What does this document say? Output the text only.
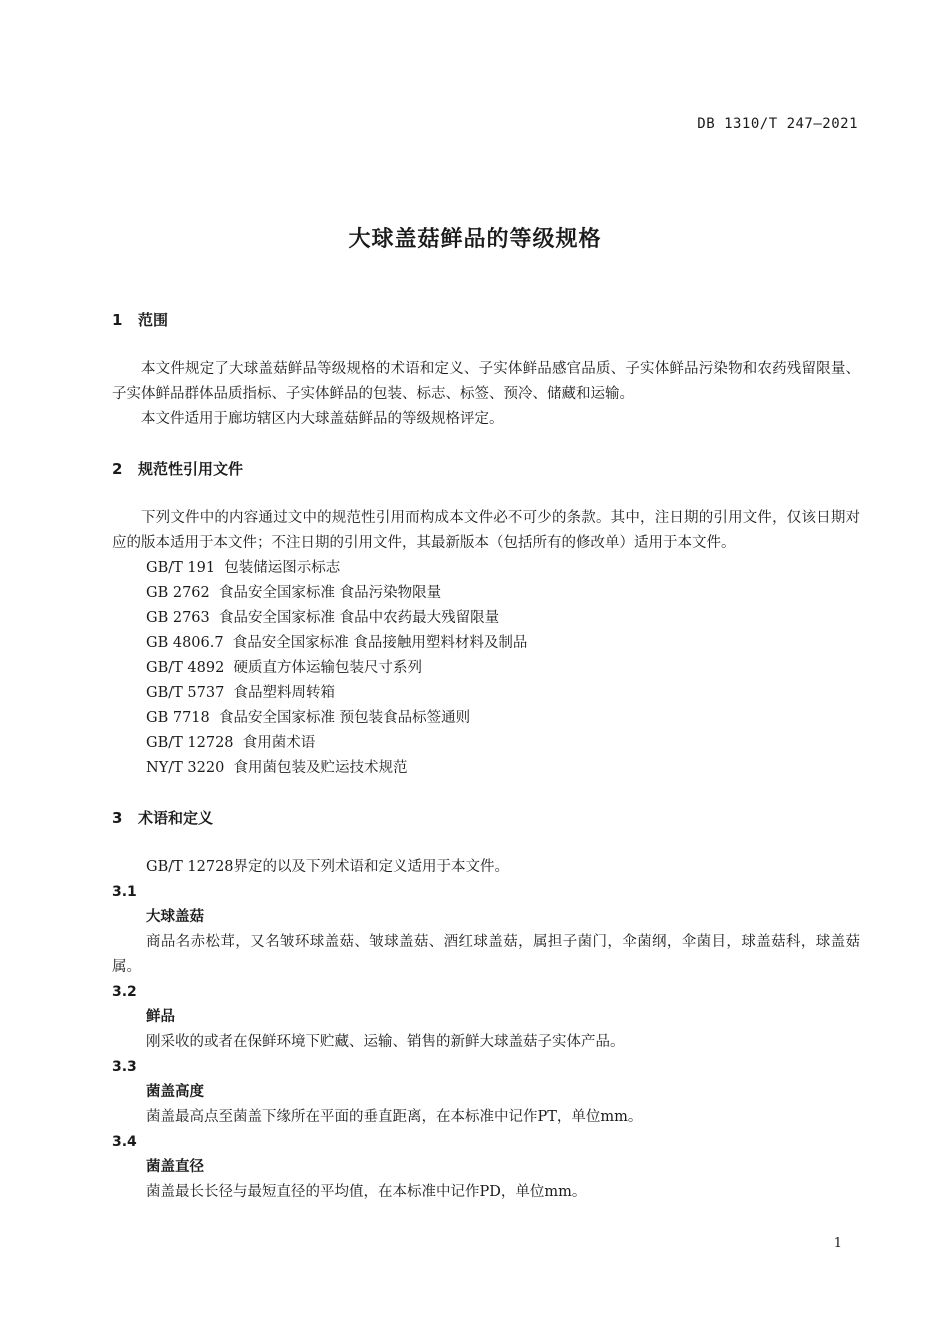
DB 1310/T 247—2021
大球盖菇鲜品的等级规格
1 范围

本文件规定了大球盖菇鲜品等级规格的术语和定义、子实体鲜品感官品质、子实体鲜品污染物和农药残留限量、子实体鲜品群体品质指标、子实体鲜品的包装、标志、标签、预冷、储藏和运输。

本文件适用于廊坊辖区内大球盖菇鲜品的等级规格评定。

2 规范性引用文件

下列文件中的内容通过文中的规范性引用而构成本文件必不可少的条款。其中，注日期的引用文件，仅该日期对应的版本适用于本文件；不注日期的引用文件，其最新版本（包括所有的修改单）适用于本文件。

GB/T 191  包装储运图示标志

GB 2762  食品安全国家标准 食品污染物限量

GB 2763  食品安全国家标准 食品中农药最大残留限量

GB 4806.7  食品安全国家标准 食品接触用塑料材料及制品

GB/T 4892  硬质直方体运输包装尺寸系列

GB/T 5737  食品塑料周转箱

GB 7718  食品安全国家标准 预包装食品标签通则

GB/T 12728  食用菌术语

NY/T 3220  食用菌包装及贮运技术规范

3 术语和定义

GB/T 12728界定的以及下列术语和定义适用于本文件。

3.1

大球盖菇

商品名赤松茸，又名皱环球盖菇、皱球盖菇、酒红球盖菇，属担子菌门，伞菌纲，伞菌目，球盖菇科，球盖菇属。

3.2

鲜品

刚采收的或者在保鲜环境下贮藏、运输、销售的新鲜大球盖菇子实体产品。

3.3

菌盖高度

菌盖最高点至菌盖下缘所在平面的垂直距离，在本标准中记作PT，单位mm。

3.4

菌盖直径

菌盖最长长径与最短直径的平均值，在本标准中记作PD，单位mm。

1
